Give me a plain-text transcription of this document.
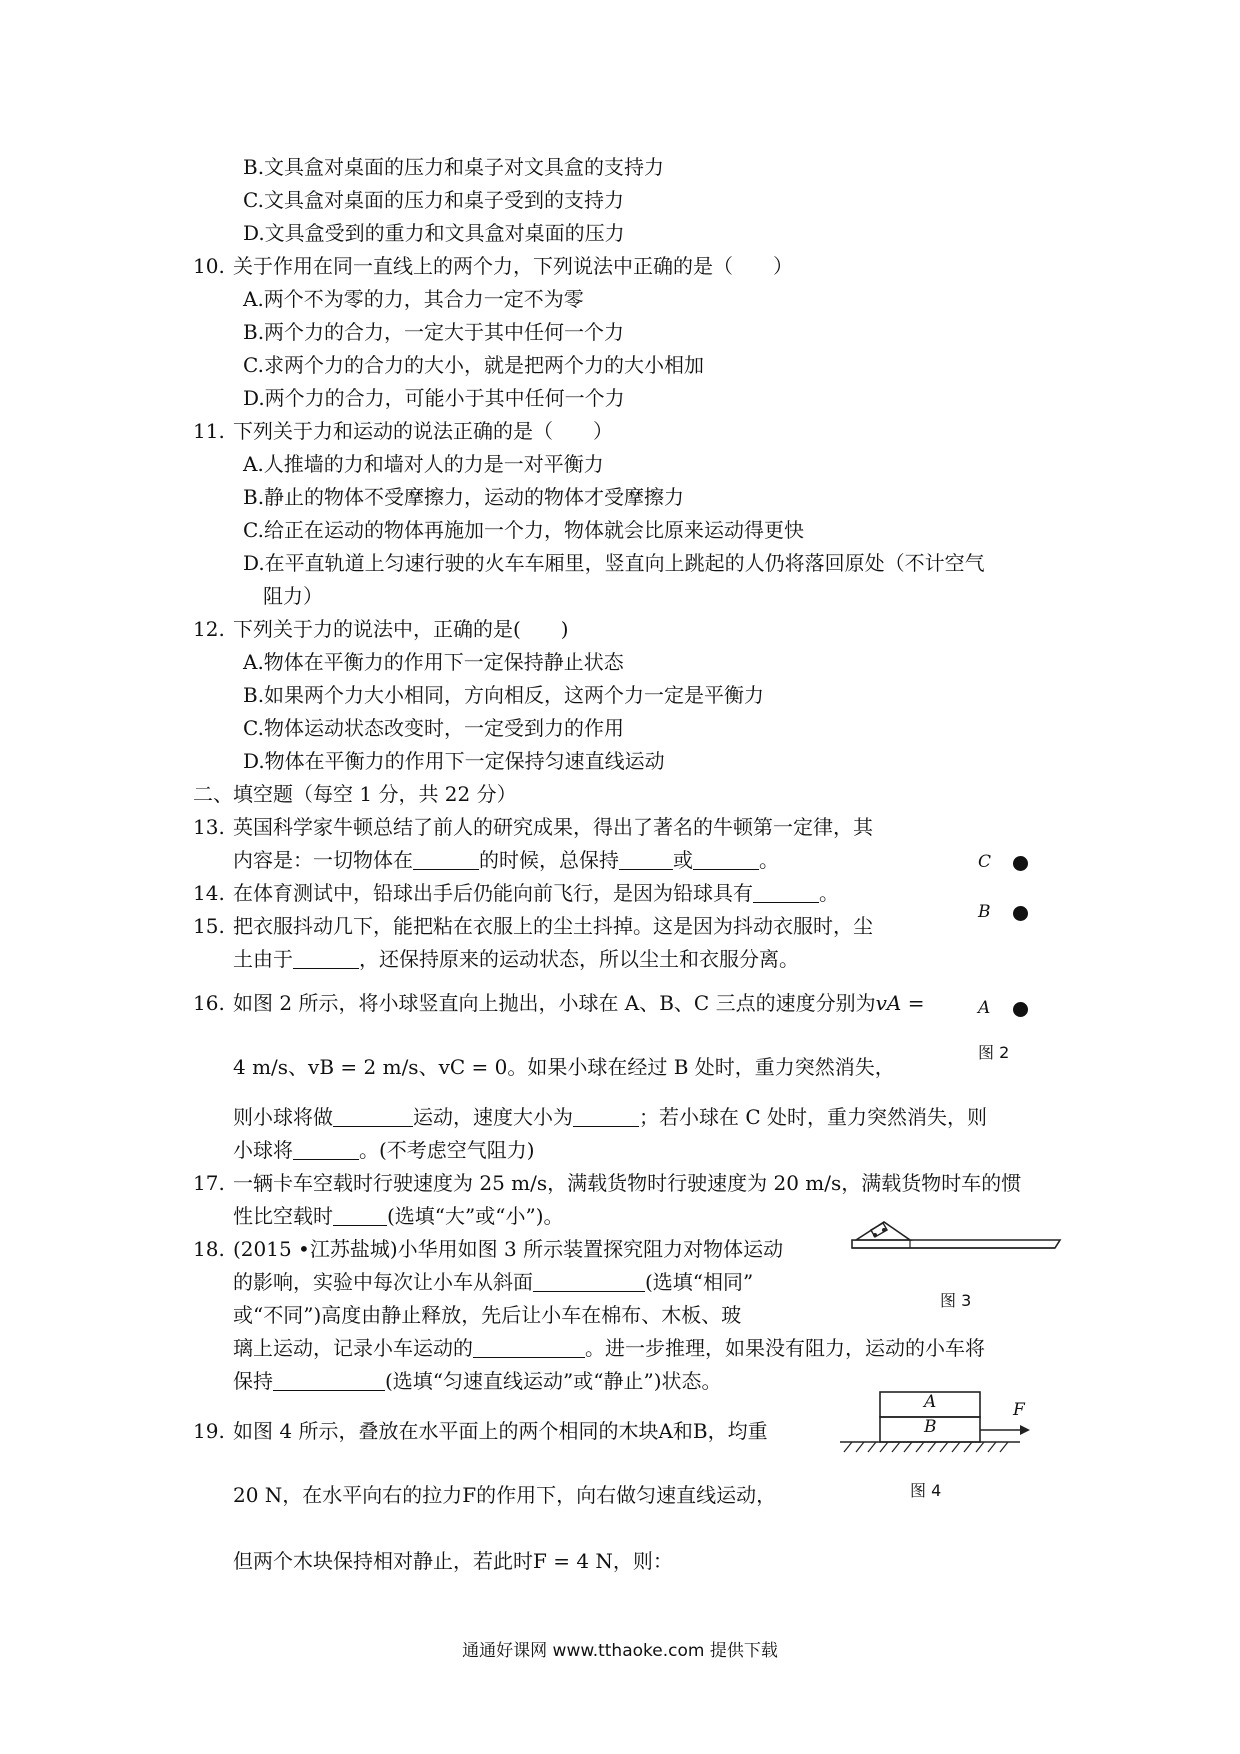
B.文具盒对桌面的压力和桌子对文具盒的支持力
C.文具盒对桌面的压力和桌子受到的支持力
D.文具盒受到的重力和文具盒对桌面的压力
10. 关于作用在同一直线上的两个力，下列说法中正确的是（　　）
A.两个不为零的力，其合力一定不为零
B.两个力的合力，一定大于其中任何一个力
C.求两个力的合力的大小，就是把两个力的大小相加
D.两个力的合力，可能小于其中任何一个力
11. 下列关于力和运动的说法正确的是（　　）
A.人推墙的力和墙对人的力是一对平衡力
B.静止的物体不受摩擦力，运动的物体才受摩擦力
C.给正在运动的物体再施加一个力，物体就会比原来运动得更快
D.在平直轨道上匀速行驶的火车车厢里，竖直向上跳起的人仍将落回原处（不计空气
阻力）
12. 下列关于力的说法中，正确的是(　　)
A.物体在平衡力的作用下一定保持静止状态
B.如果两个力大小相同，方向相反，这两个力一定是平衡力
C.物体运动状态改变时，一定受到力的作用
D.物体在平衡力的作用下一定保持匀速直线运动
二、填空题（每空 1 分，共 22 分）
13. 英国科学家牛顿总结了前人的研究成果，得出了著名的牛顿第一定律，其
内容是：一切物体在	的时候，总保持	或	。
14. 在体育测试中，铅球出手后仍能向前飞行，是因为铅球具有	。
15. 把衣服抖动几下，能把粘在衣服上的尘土抖掉。这是因为抖动衣服时，尘
土由于	，还保持原来的运动状态，所以尘土和衣服分离。
C
B
A
图 2
16. 如图 2 所示，将小球竖直向上抛出，小球在 A、B、C 三点的速度分别为vA =
4 m/s、vB = 2 m/s、vC = 0。如果小球在经过 B 处时，重力突然消失，
则小球将做	运动，速度大小为	；若小球在 C 处时，重力突然消失，则
小球将	。(不考虑空气阻力)
17. 一辆卡车空载时行驶速度为 25 m/s，满载货物时行驶速度为 20 m/s，满载货物时车的惯
性比空载时	(选填“大”或“小”)。
18. (2015 •江苏盐城)小华用如图 3 所示装置探究阻力对物体运动
的影响，实验中每次让小车从斜面	(选填“相同”
或“不同”)高度由静止释放，先后让小车在棉布、木板、玻
璃上运动，记录小车运动的	。进一步推理，如果没有阻力，运动的小车将
保持	(选填“匀速直线运动”或“静止”)状态。
图 3
19. 如图 4 所示，叠放在水平面上的两个相同的木块A和B，均重
20 N，在水平向右的拉力F的作用下，向右做匀速直线运动，
但两个木块保持相对静止，若此时F = 4 N，则：
A
B
F
图 4
通通好课网 www.tthaoke.com 提供下载
